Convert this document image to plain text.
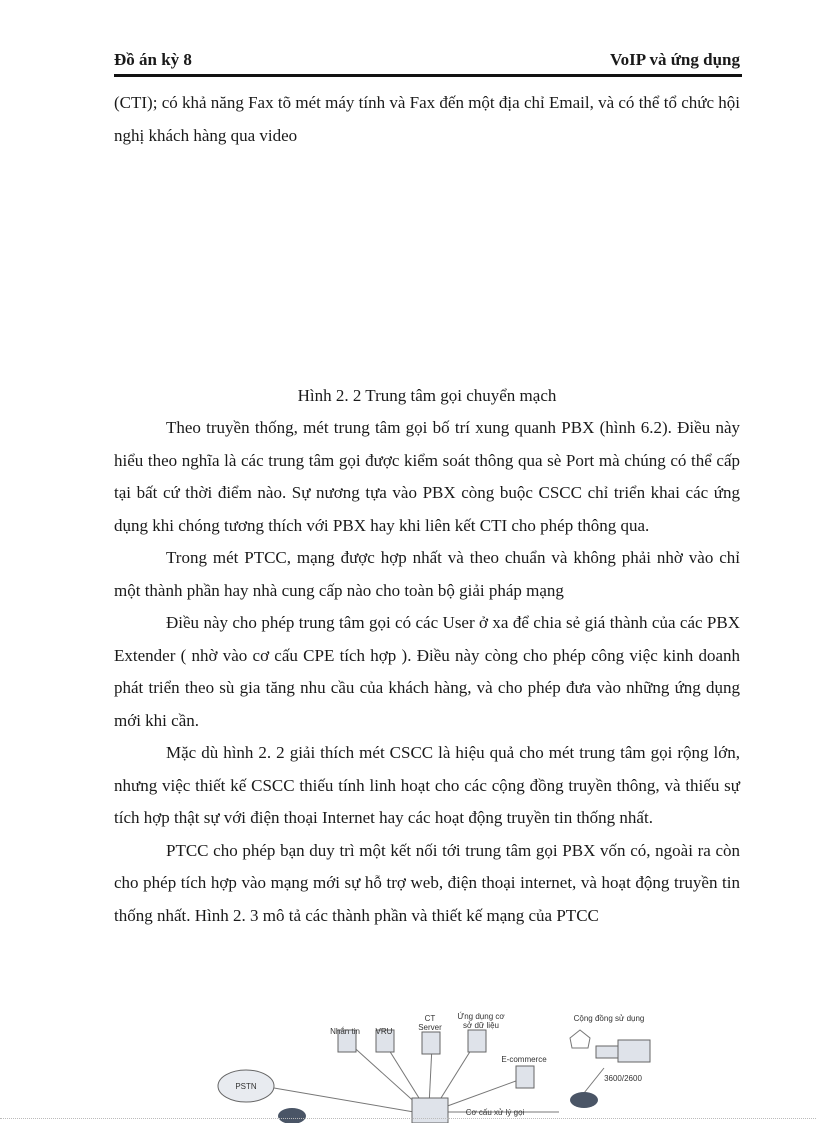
Đồ án kỳ 8	VoIP và ứng dụng
(CTI); có khả năng Fax tõ mét máy tính và Fax đến một địa chỉ Email, và có thể tổ chức hội nghị khách hàng qua video
Hình 2. 2 Trung tâm gọi chuyển mạch

Theo truyền thống, mét trung tâm gọi bố trí xung quanh PBX (hình 6.2). Điều này hiểu theo nghĩa là các trung tâm gọi được kiểm soát thông qua sè Port mà chúng có thể cấp tại bất cứ thời điểm nào. Sự nương tựa vào PBX còng buộc CSCC chỉ triển khai các ứng dụng khi chóng tương thích với PBX hay khi liên kết CTI cho phép thông qua.

Trong mét PTCC, mạng được hợp nhất và theo chuẩn và không phải nhờ vào chỉ một thành phần hay nhà cung cấp nào cho toàn bộ giải pháp mạng

Điều này cho phép trung tâm gọi có các User ở xa để chia sẻ giá thành của các PBX Extender ( nhờ vào cơ cấu CPE tích hợp ). Điều này còng cho phép công việc kinh doanh phát triển theo sù gia tăng nhu cầu của khách hàng, và cho phép đưa vào những ứng dụng mới khi cần.

Mặc dù hình 2. 2 giải thích mét CSCC là hiệu quả cho mét trung tâm gọi rộng lớn, nhưng việc thiết kế CSCC thiếu tính linh hoạt cho các cộng đồng truyền thông, và thiếu sự tích hợp thật sự với điện thoại Internet hay các hoạt động truyền tin thống nhất.

PTCC cho phép bạn duy trì một kết nối tới trung tâm gọi PBX vốn có, ngoài ra còn cho phép tích hợp vào mạng mới sự hỗ trợ web, điện thoại internet, và hoạt động truyền tin thống nhất. Hình 2. 3 mô tả các thành phần và thiết kế mạng của PTCC

Nhắn tin	VRU
CT Server
Ứng dụng cơ sở dữ liệu
E-commerce
Cộng đồng sử dụng
PSTN
3600/2600
Cơ cấu xử lý gọi
